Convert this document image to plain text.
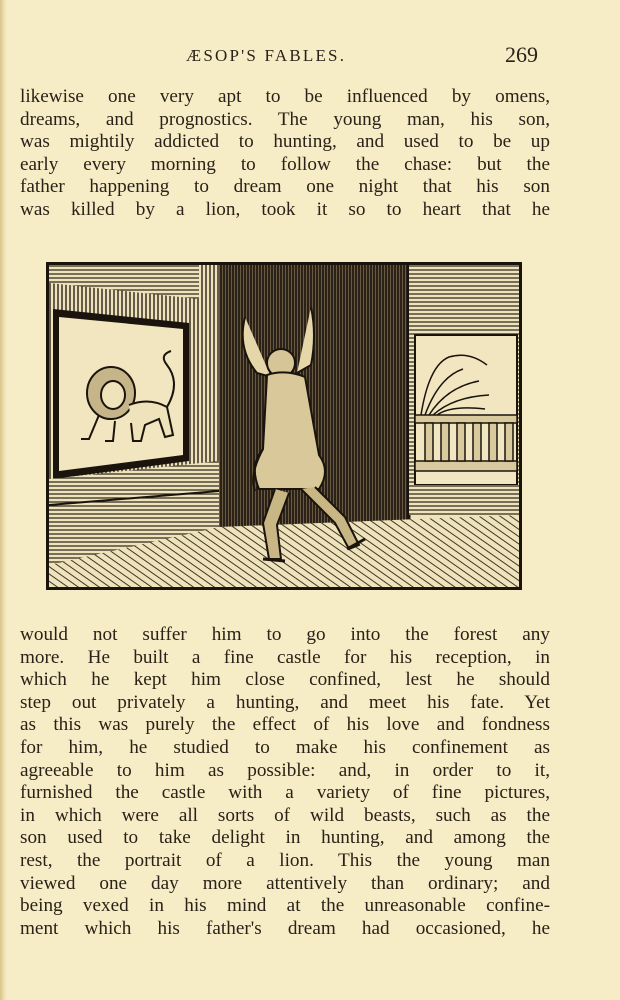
ÆSOP'S FABLES.	269
likewise one very apt to be influenced by omens,
dreams, and prognostics. The young man, his son,
was mightily addicted to hunting, and used to be up
early every morning to follow the chase: but the
father happening to dream one night that his son
was killed by a lion, took it so to heart that he
would not suffer him to go into the forest any
more. He built a fine castle for his reception, in
which he kept him close confined, lest he should
step out privately a hunting, and meet his fate. Yet
as this was purely the effect of his love and fondness
for him, he studied to make his confinement as
agreeable to him as possible: and, in order to it,
furnished the castle with a variety of fine pictures,
in which were all sorts of wild beasts, such as the
son used to take delight in hunting, and among the
rest, the portrait of a lion. This the young man
viewed one day more attentively than ordinary; and
being vexed in his mind at the unreasonable confine-
ment which his father's dream had occasioned, he
